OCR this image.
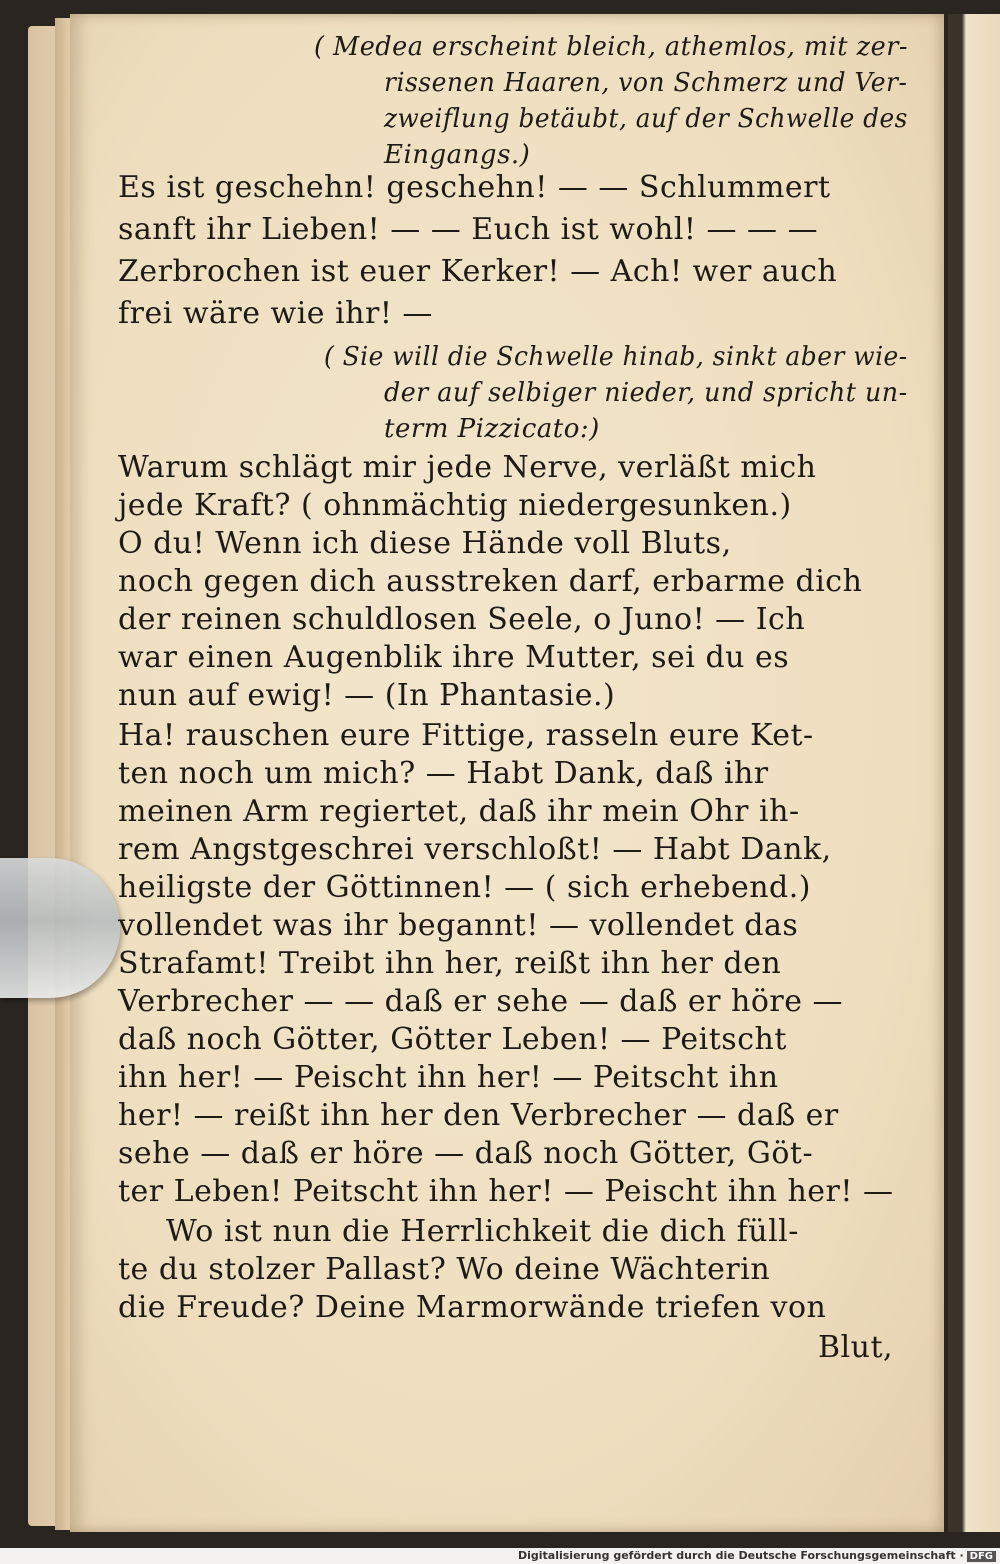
( Medea erscheint bleich, athemlos, mit zer-
rissenen Haaren, von Schmerz und Ver-
zweiflung betäubt, auf der Schwelle des
Eingangs.)
Es ist geschehn! geschehn! — — Schlummert
sanft ihr Lieben! — — Euch ist wohl! — — —
Zerbrochen ist euer Kerker! — Ach! wer auch
frei wäre wie ihr! —
( Sie will die Schwelle hinab, sinkt aber wie-
der auf selbiger nieder, und spricht un-
term Pizzicato:)
Warum schlägt mir jede Nerve, verläßt mich
jede Kraft? ( ohnmächtig niedergesunken.)
O du! Wenn ich diese Hände voll Bluts,
noch gegen dich ausstreken darf, erbarme dich
der reinen schuldlosen Seele, o Juno! — Ich
war einen Augenblik ihre Mutter, sei du es
nun auf ewig! — (In Phantasie.)
Ha! rauschen eure Fittige, rasseln eure Ket-
ten noch um mich? — Habt Dank, daß ihr
meinen Arm regiertet, daß ihr mein Ohr ih-
rem Angstgeschrei verschloßt! — Habt Dank,
heiligste der Göttinnen! — ( sich erhebend.)
vollendet was ihr begannt! — vollendet das
Strafamt! Treibt ihn her, reißt ihn her den
Verbrecher — — daß er sehe — daß er höre —
daß noch Götter, Götter Leben! — Peitscht
ihn her! — Peischt ihn her! — Peitscht ihn
her! — reißt ihn her den Verbrecher — daß er
sehe — daß er höre — daß noch Götter, Göt-
ter Leben! Peitscht ihn her! — Peischt ihn her! —
Wo ist nun die Herrlichkeit die dich füll-
te du stolzer Pallast? Wo deine Wächterin
die Freude? Deine Marmorwände triefen von
Blut,
Digitalisierung gefördert durch die Deutsche Forschungsgemeinschaft · DFG
